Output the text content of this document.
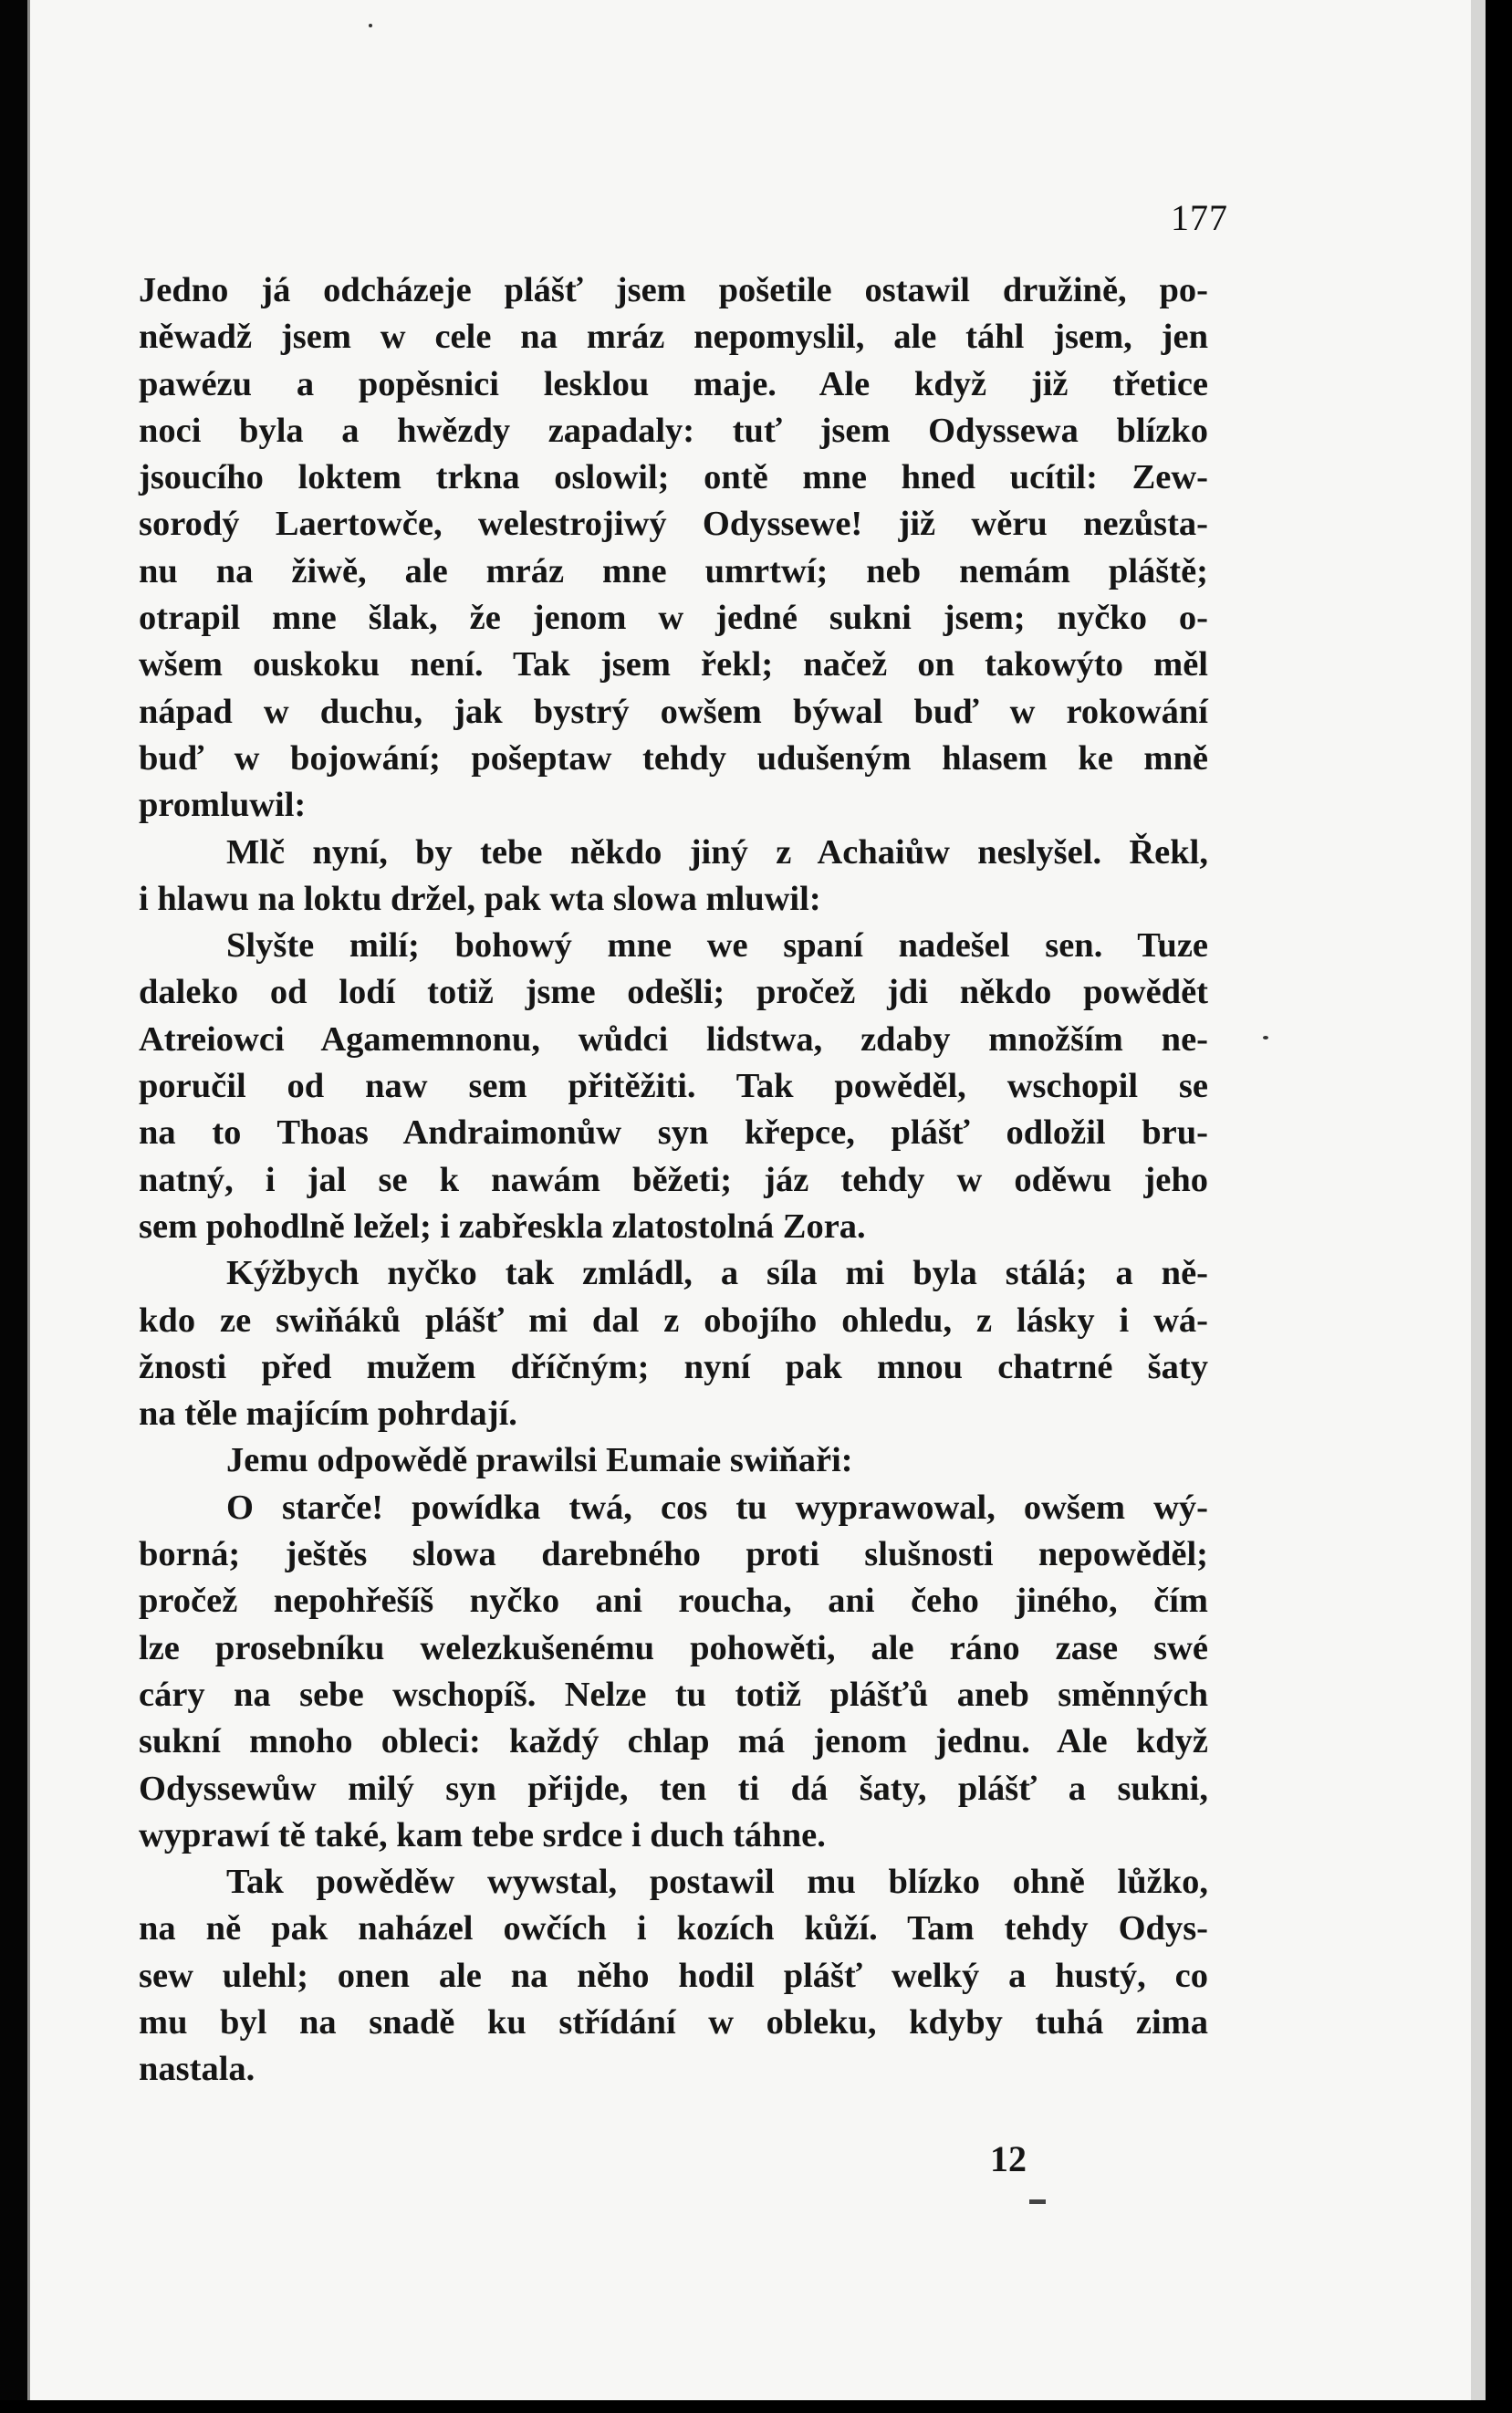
177
Jedno já odcházeje plášť jsem pošetile ostawil družině, po-
něwadž jsem w cele na mráz nepomyslil, ale táhl jsem, jen
pawézu a popěsnici lesklou maje. Ale když již třetice
noci byla a hwězdy zapadaly: tuť jsem Odyssewa blízko
jsoucího loktem trkna oslowil; ontě mne hned ucítil: Zew-
sorodý Laertowče, welestrojiwý Odyssewe! již wěru nezůsta-
nu na žiwě, ale mráz mne umrtwí; neb nemám pláště;
otrapil mne šlak, že jenom w jedné sukni jsem; nyčko o-
wšem ouskoku není. Tak jsem řekl; načež on takowýto měl
nápad w duchu, jak bystrý owšem býwal buď w rokowání
buď w bojowání; pošeptaw tehdy udušeným hlasem ke mně
promluwil:
Mlč nyní, by tebe někdo jiný z Achaiůw neslyšel. Řekl,
i hlawu na loktu držel, pak wta slowa mluwil:
Slyšte milí; bohowý mne we spaní nadešel sen. Tuze
daleko od lodí totiž jsme odešli; pročež jdi někdo powědět
Atreiowci Agamemnonu, wůdci lidstwa, zdaby množším ne-
poručil od naw sem přitěžiti. Tak powěděl, wschopil se
na to Thoas Andraimonůw syn křepce, plášť odložil bru-
natný, i jal se k nawám běžeti; jáz tehdy w oděwu jeho
sem pohodlně ležel; i zabřeskla zlatostolná Zora.
Kýžbych nyčko tak zmládl, a síla mi byla stálá; a ně-
kdo ze swiňáků plášť mi dal z obojího ohledu, z lásky i wá-
žnosti před mužem dříčným; nyní pak mnou chatrné šaty
na těle majícím pohrdají.
Jemu odpowědě prawilsi Eumaie swiňaři:
O starče! powídka twá, cos tu wyprawowal, owšem wý-
borná; ještěs slowa darebného proti slušnosti nepowěděl;
pročež nepohřešíš nyčko ani roucha, ani čeho jiného, čím
lze prosebníku welezkušenému pohowěti, ale ráno zase swé
cáry na sebe wschopíš. Nelze tu totiž plášťů aneb směnných
sukní mnoho obleci: každý chlap má jenom jednu. Ale když
Odyssewůw milý syn přijde, ten ti dá šaty, plášť a sukni,
wyprawí tě také, kam tebe srdce i duch táhne.
Tak powěděw wywstal, postawil mu blízko ohně lůžko,
na ně pak naházel owčích i kozích kůží. Tam tehdy Odys-
sew ulehl; onen ale na něho hodil plášť welký a hustý, co
mu byl na snadě ku střídání w obleku, kdyby tuhá zima
nastala.
12
